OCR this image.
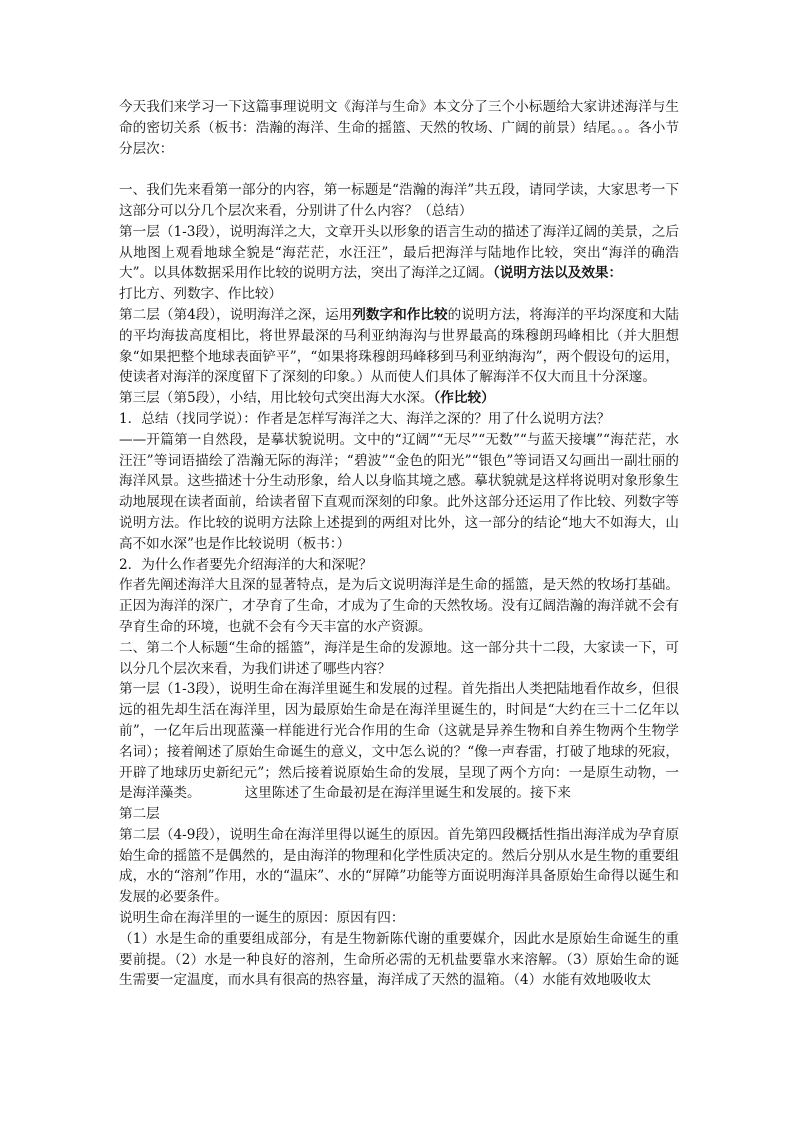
今天我们来学习一下这篇事理说明文《海洋与生命》本文分了三个小标题给大家讲述海洋与生命的密切关系（板书：浩瀚的海洋、生命的摇篮、天然的牧场、广阔的前景）结尾。。。各小节分层次：

一、我们先来看第一部分的内容，第一标题是“浩瀚的海洋”共五段，请同学读，大家思考一下这部分可以分几个层次来看，分别讲了什么内容？（总结）

第一层（1-3段），说明海洋之大，文章开头以形象的语言生动的描述了海洋辽阔的美景，之后从地图上观看地球全貌是“海茫茫，水汪汪”，最后把海洋与陆地作比较，突出“海洋的确浩大”。以具体数据采用作比较的说明方法，突出了海洋之辽阔。（说明方法以及效果：

打比方、列数字、作比较）

第二层（第4段），说明海洋之深，运用列数字和作比较的说明方法，将海洋的平均深度和大陆的平均海拔高度相比，将世界最深的马利亚纳海沟与世界最高的珠穆朗玛峰相比（并大胆想象“如果把整个地球表面铲平”，“如果将珠穆朗玛峰移到马利亚纳海沟”，两个假设句的运用，使读者对海洋的深度留下了深刻的印象。）从而使人们具体了解海洋不仅大而且十分深邃。

第三层（第5段），小结，用比较句式突出海大水深。（作比较）

1．总结（找同学说）：作者是怎样写海洋之大、海洋之深的？用了什么说明方法？

——开篇第一自然段，是摹状貌说明。文中的“辽阔”“无尽”“无数”“与蓝天接壤”“海茫茫，水汪汪”等词语描绘了浩瀚无际的海洋；“碧波”“金色的阳光”“银色”等词语又勾画出一副壮丽的海洋风景。这些描述十分生动形象，给人以身临其境之感。摹状貌就是这样将说明对象形象生动地展现在读者面前，给读者留下直观而深刻的印象。此外这部分还运用了作比较、列数字等说明方法。作比较的说明方法除上述提到的两组对比外，这一部分的结论“地大不如海大，山高不如水深”也是作比较说明（板书：）

2．为什么作者要先介绍海洋的大和深呢？

作者先阐述海洋大且深的显著特点，是为后文说明海洋是生命的摇篮，是天然的牧场打基础。正因为海洋的深广，才孕育了生命，才成为了生命的天然牧场。没有辽阔浩瀚的海洋就不会有孕育生命的环境，也就不会有今天丰富的水产资源。

二、第二个人标题“生命的摇篮”，海洋是生命的发源地。这一部分共十二段，大家读一下，可以分几个层次来看，为我们讲述了哪些内容？

第一层（1-3段），说明生命在海洋里诞生和发展的过程。首先指出人类把陆地看作故乡，但很远的祖先却生活在海洋里，因为最原始生命是在海洋里诞生的，时间是“大约在三十二亿年以前”，一亿年后出现蓝藻一样能进行光合作用的生命（这就是异养生物和自养生物两个生物学名词）；接着阐述了原始生命诞生的意义，文中怎么说的？“像一声春雷，打破了地球的死寂，开辟了地球历史新纪元”；然后接着说原始生命的发展，呈现了两个方向：一是原生动物，一是海洋藻类。	这里陈述了生命最初是在海洋里诞生和发展的。接下来

第二层

第二层（4-9段），说明生命在海洋里得以诞生的原因。首先第四段概括性指出海洋成为孕育原始生命的摇篮不是偶然的，是由海洋的物理和化学性质决定的。然后分别从水是生物的重要组成，水的“溶剂”作用，水的“温床”、水的“屏障”功能等方面说明海洋具备原始生命得以诞生和发展的必要条件。

说明生命在海洋里的一诞生的原因：原因有四：

（1）水是生命的重要组成部分，有是生物新陈代谢的重要媒介，因此水是原始生命诞生的重要前提。（2）水是一种良好的溶剂，生命所必需的无机盐要靠水来溶解。（3）原始生命的诞生需要一定温度，而水具有很高的热容量，海洋成了天然的温箱。（4）水能有效地吸收太
